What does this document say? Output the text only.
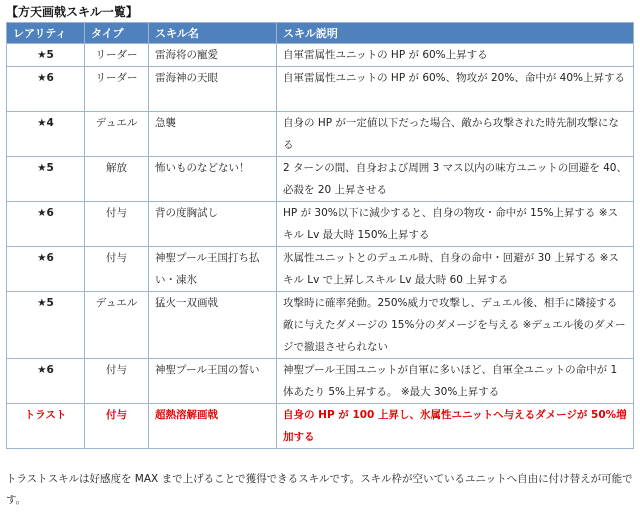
【方天画戟スキル一覧】
レアリティ	タイプ	スキル名	スキル説明
★5	リーダー	雷海将の寵愛	自軍雷属性ユニットの HP が 60%上昇する
★6	リーダー	雷海神の天眼	自軍雷属性ユニットの HP が 60%、物攻が 20%、命中が 40%上昇する
★4	デュエル	急襲	自身の HP が一定値以下だった場合、敵から攻撃された時先制攻撃になる
★5	解放	怖いものなどない！	2 ターンの間、自身および周囲 3 マス以内の味方ユニットの回避を 40、必殺を 20 上昇させる
★6	付与	背の度胸試し	HP が 30%以下に減少すると、自身の物攻・命中が 15%上昇する ※スキル Lv 最大時 150%上昇する
★6	付与	神聖プール王国打ち払い・凍氷	氷属性ユニットとのデュエル時、自身の命中・回避が 30 上昇する ※スキル Lv で上昇しスキル Lv 最大時 60 上昇する
★5	デュエル	猛火一双画戟	攻撃時に確率発動。250%威力で攻撃し、デュエル後、相手に隣接する敵に与えたダメージの 15%分のダメージを与える ※デュエル後のダメージで撤退させられない
★6	付与	神聖プール王国の誓い	神聖プール王国ユニットが自軍に多いほど、自軍全ユニットの命中が 1 体あたり 5%上昇する。 ※最大 30%上昇する
トラスト	付与	超熱溶解画戟	自身の HP が 100 上昇し、氷属性ユニットへ与えるダメージが 50%増加する
トラストスキルは好感度を MAX まで上げることで獲得できるスキルです。スキル枠が空いているユニットへ自由に付け替えが可能です。
